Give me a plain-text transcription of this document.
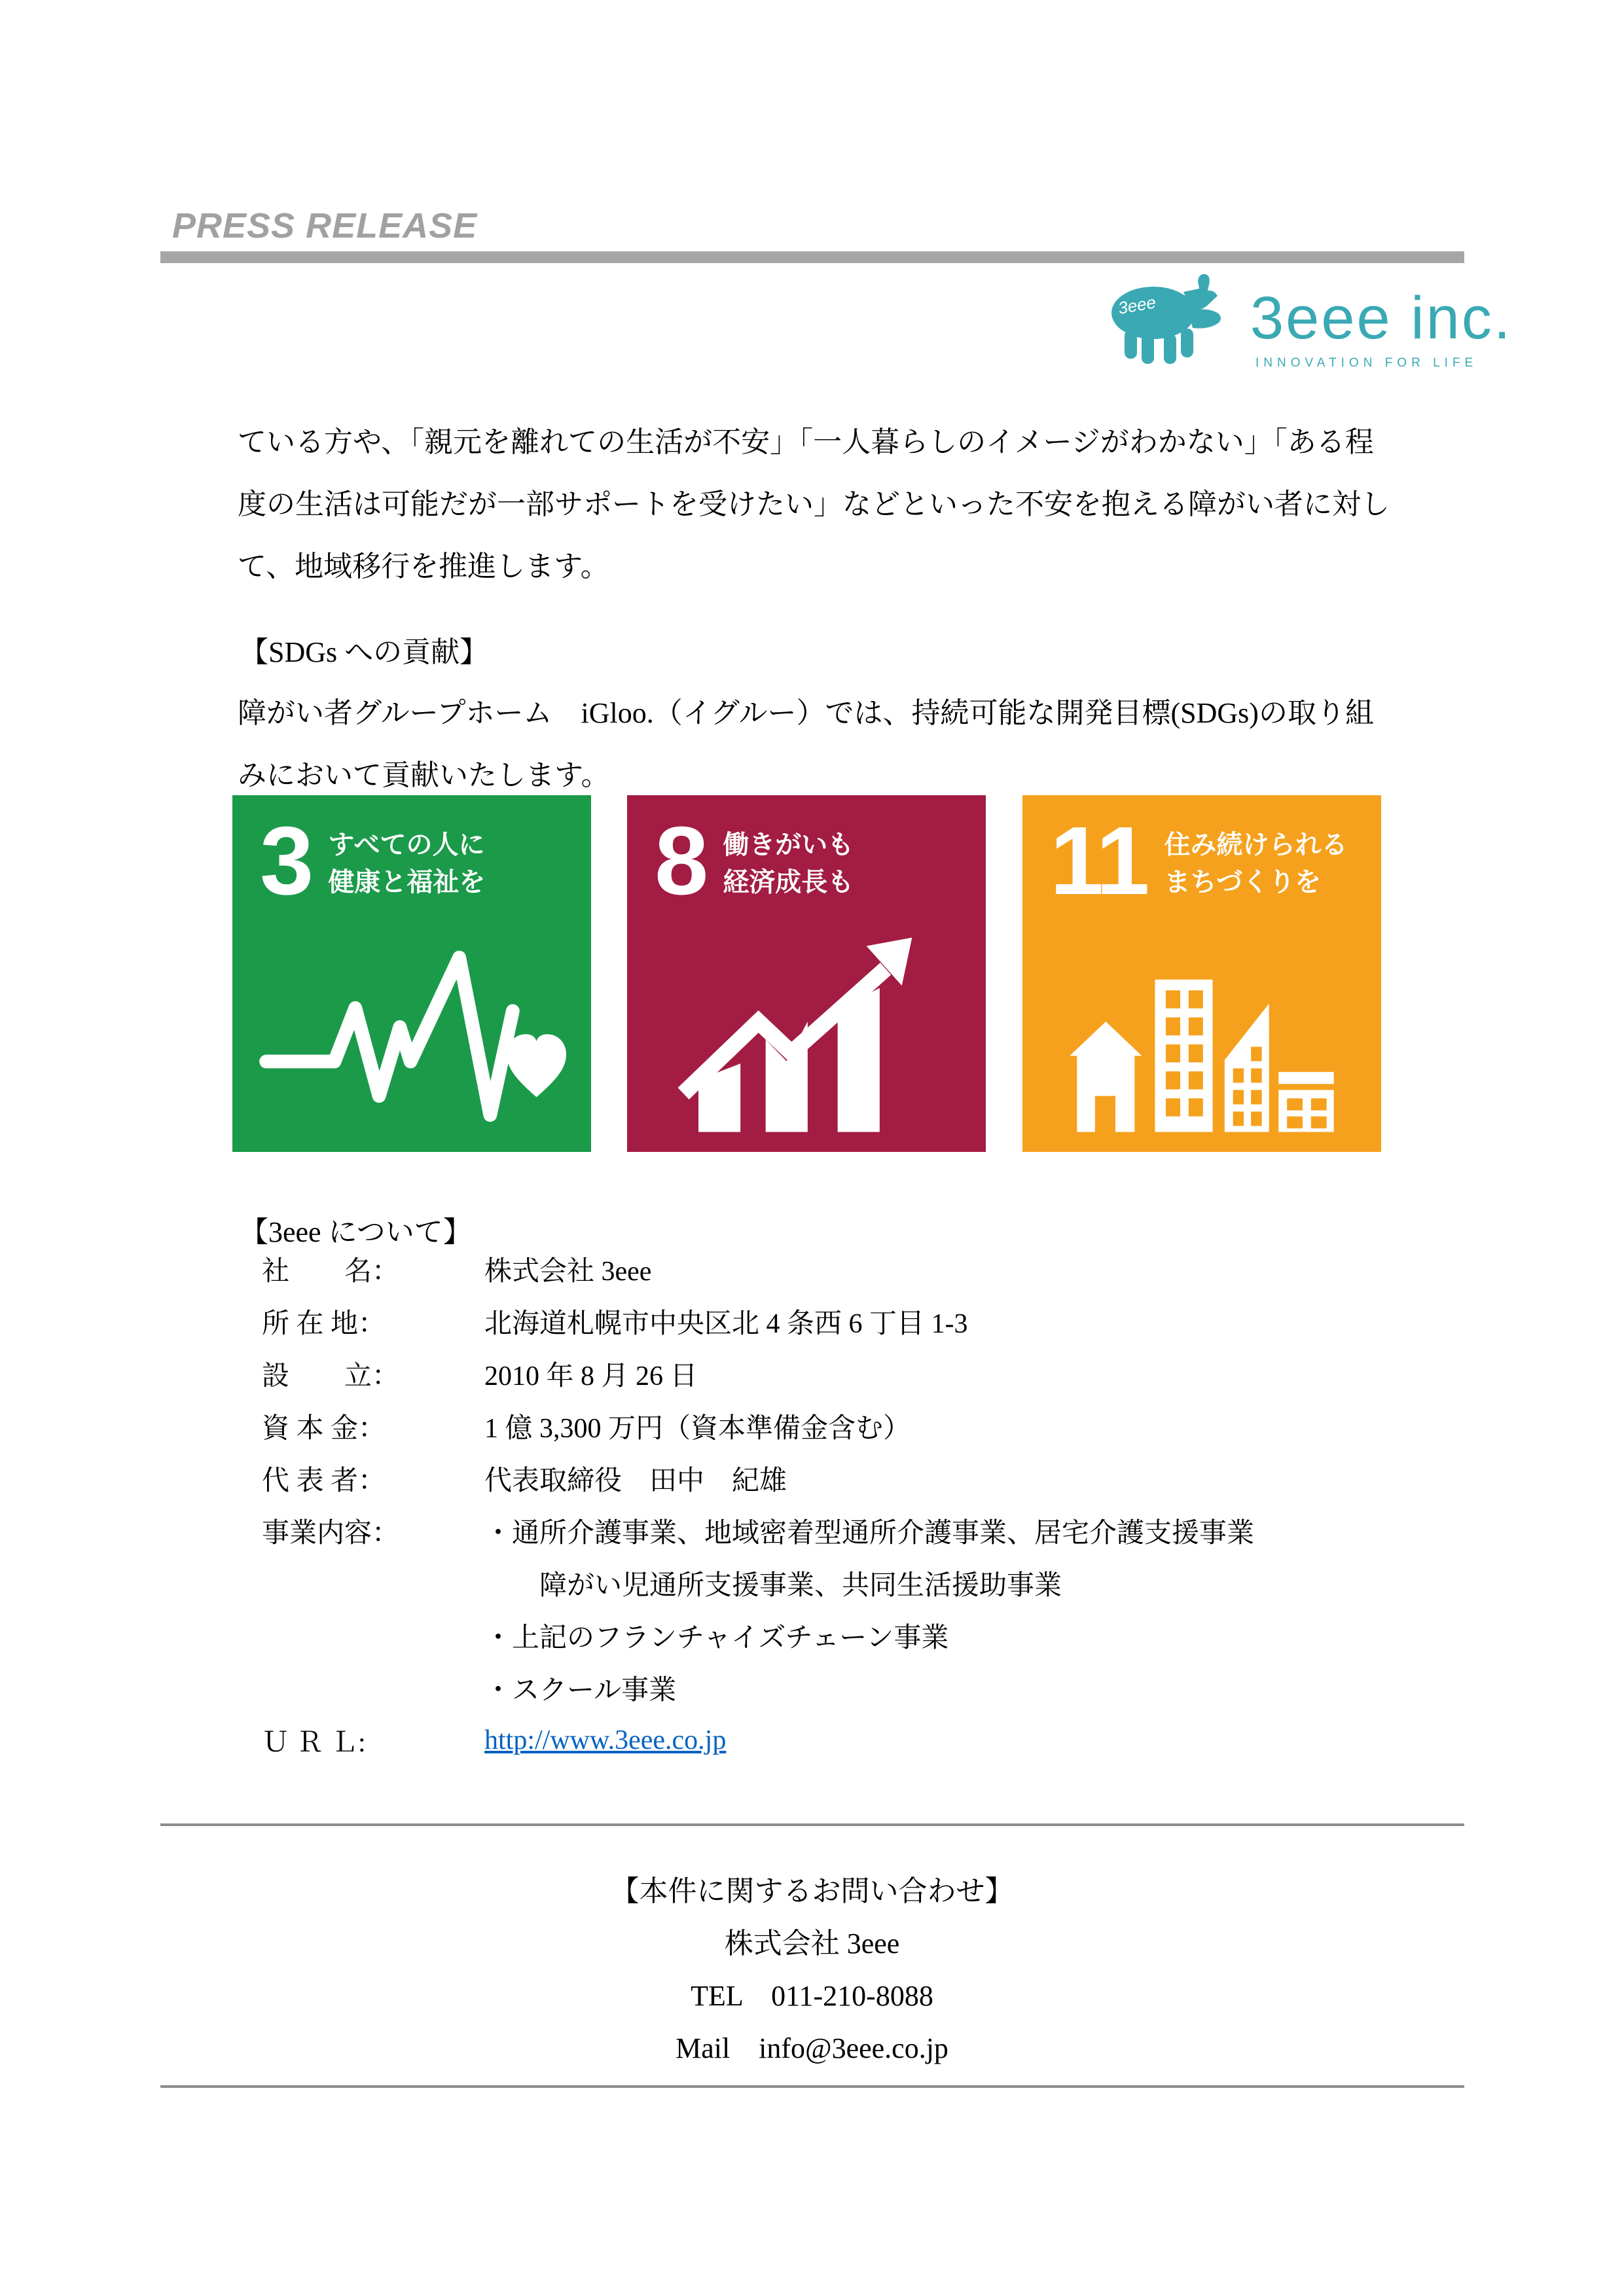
PRESS RELEASE
3eee 3eee inc.
INNOVATION FOR LIFE
ている方や、「親元を離れての生活が不安」「一人暮らしのイメージがわかない」「ある程
度の生活は可能だが一部サポートを受けたい」などといった不安を抱える障がい者に対し
て、地域移行を推進します。
【SDGs への貢献】
障がい者グループホーム　iGloo.（イグルー）では、持続可能な開発目標(SDGs)の取り組
みにおいて貢献いたします。
3 すべての人に
健康と福祉を 8 働きがいも
経済成長も 11 住み続けられる
まちづくりを
【3eee について】
社　　名：	株式会社 3eee
所 在 地：	北海道札幌市中央区北 4 条西 6 丁目 1-3
設　　立：	2010 年 8 月 26 日
資 本 金：	1 億 3,300 万円（資本準備金含む）
代 表 者：	代表取締役　田中　紀雄
事業内容：	・通所介護事業、地域密着型通所介護事業、居宅介護支援事業
　　障がい児通所支援事業、共同生活援助事業
・上記のフランチャイズチェーン事業
・スクール事業
Ｕ Ｒ Ｌ:	http://www.3eee.co.jp
【本件に関するお問い合わせ】
株式会社 3eee
TEL　011-210-8088
Mail　info@3eee.co.jp
